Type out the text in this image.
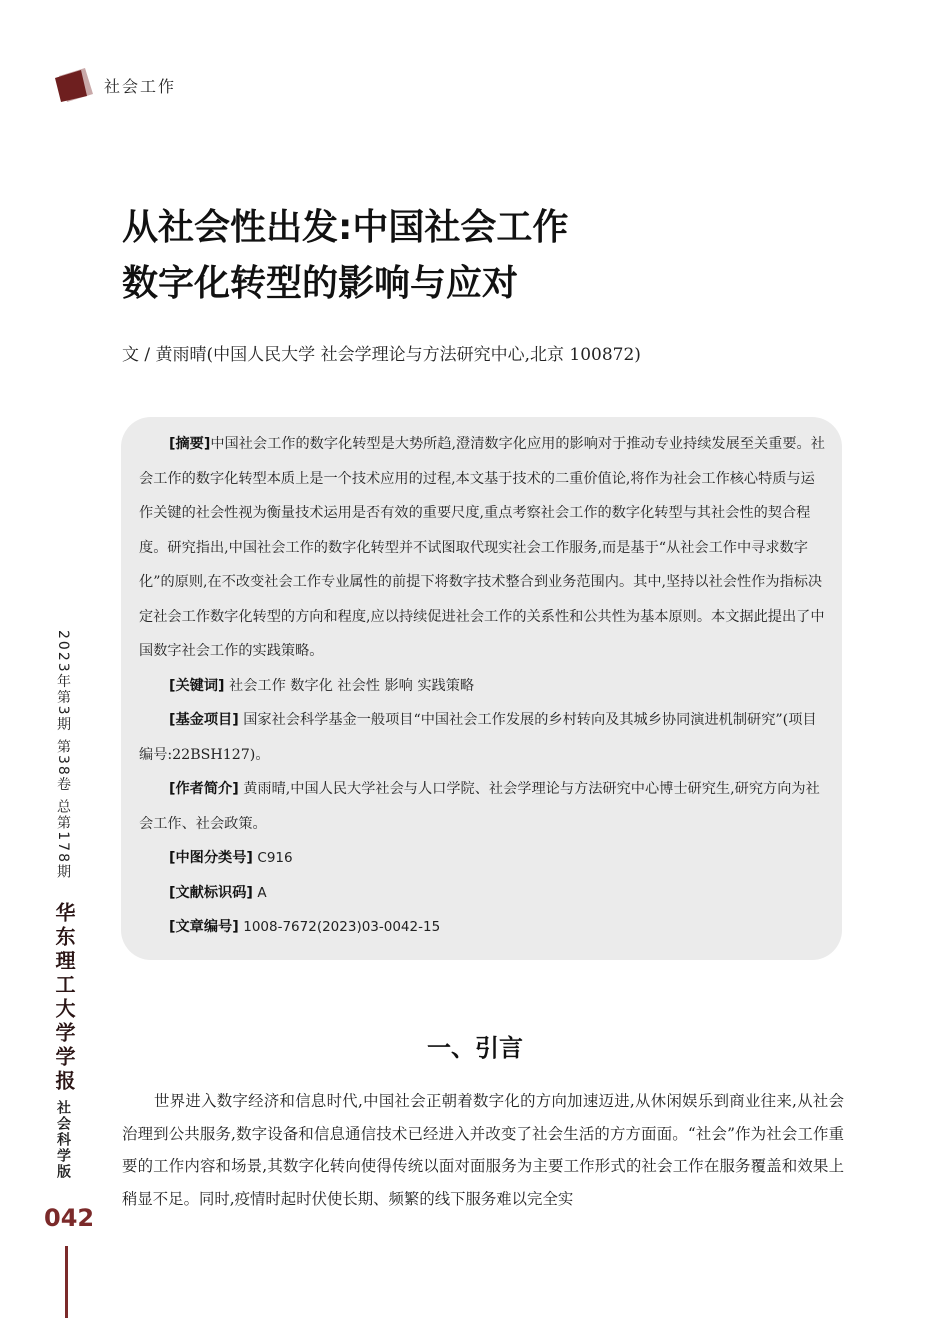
社会工作
从社会性出发:中国社会工作
数字化转型的影响与应对
文 / 黄雨晴(中国人民大学 社会学理论与方法研究中心,北京 100872)

[摘要]中国社会工作的数字化转型是大势所趋,澄清数字化应用的影响对于推动专业持续发展至关重要。社会工作的数字化转型本质上是一个技术应用的过程,本文基于技术的二重价值论,将作为社会工作核心特质与运作关键的社会性视为衡量技术运用是否有效的重要尺度,重点考察社会工作的数字化转型与其社会性的契合程度。研究指出,中国社会工作的数字化转型并不试图取代现实社会工作服务,而是基于“从社会工作中寻求数字化”的原则,在不改变社会工作专业属性的前提下将数字技术整合到业务范围内。其中,坚持以社会性作为指标决定社会工作数字化转型的方向和程度,应以持续促进社会工作的关系性和公共性为基本原则。本文据此提出了中国数字社会工作的实践策略。

[关键词] 社会工作 数字化 社会性 影响 实践策略

[基金项目] 国家社会科学基金一般项目“中国社会工作发展的乡村转向及其城乡协同演进机制研究”(项目编号:22BSH127)。

[作者简介] 黄雨晴,中国人民大学社会与人口学院、社会学理论与方法研究中心博士研究生,研究方向为社会工作、社会政策。

[中图分类号] C916

[文献标识码] A

[文章编号] 1008-7672(2023)03-0042-15

2023年第3期 第38卷 总第178期
华东理工大学学报
社会科学版
042
一、引言

世界进入数字经济和信息时代,中国社会正朝着数字化的方向加速迈进,从休闲娱乐到商业往来,从社会治理到公共服务,数字设备和信息通信技术已经进入并改变了社会生活的方方面面。“社会”作为社会工作重要的工作内容和场景,其数字化转向使得传统以面对面服务为主要工作形式的社会工作在服务覆盖和效果上稍显不足。同时,疫情时起时伏使长期、频繁的线下服务难以完全实
